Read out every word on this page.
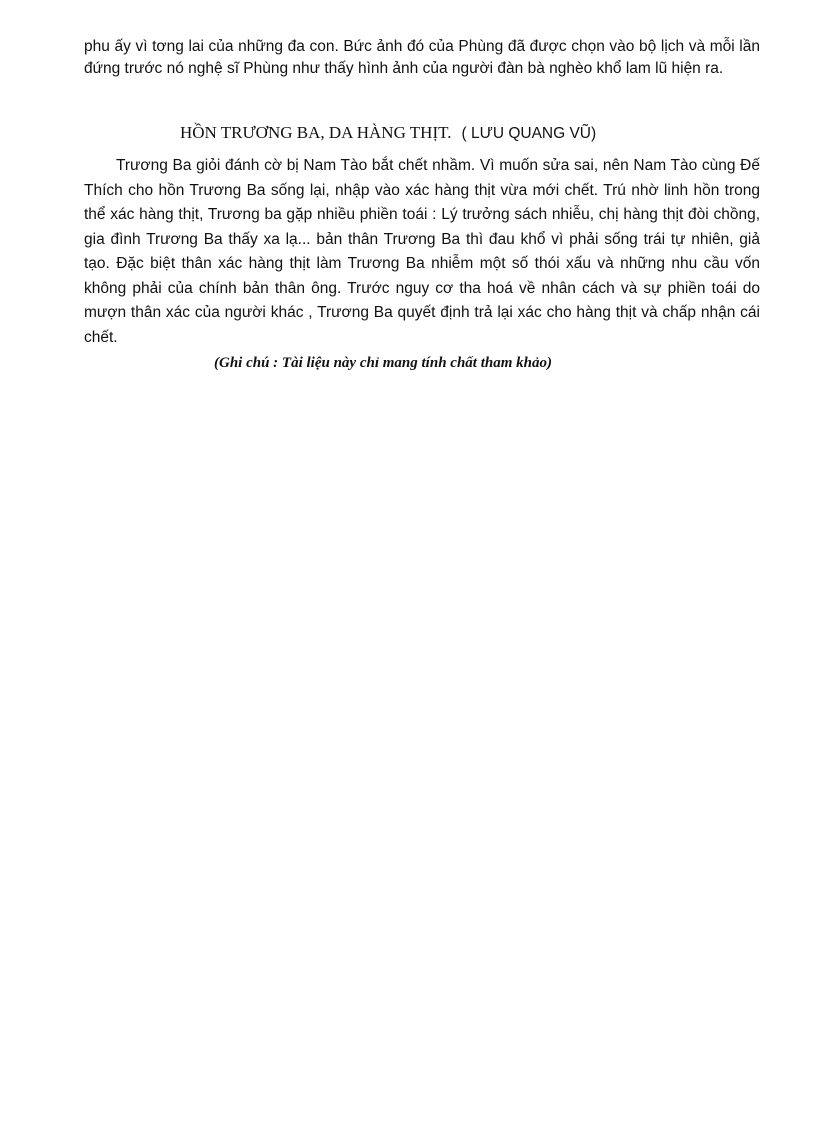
phu ấy vì tơng lai của những đa con. Bức ảnh đó của Phùng đã được chọn vào bộ lịch và mỗi lần đứng trước nó nghệ sĩ Phùng như thấy hình ảnh của người đàn bà nghèo khổ lam lũ hiện ra.

HỒN TRƯƠNG BA, DA HÀNG THỊT. ( LƯU QUANG VŨ)

Trương Ba giỏi đánh cờ bị Nam Tào bắt chết nhầm. Vì muốn sửa sai, nên Nam Tào cùng Đế Thích cho hồn Trương Ba sống lại, nhập vào xác hàng thịt vừa mới chết. Trú nhờ linh hồn trong thể xác hàng thịt, Trương ba gặp nhiều phiền toái : Lý trưởng sách nhiễu, chị hàng thịt đòi chồng, gia đình Trương Ba thấy xa lạ... bản thân Trương Ba thì đau khổ vì phải sống trái tự nhiên, giả tạo. Đặc biệt thân xác hàng thịt làm Trương Ba nhiễm một số thói xấu và những nhu cầu vốn không phải của chính bản thân ông. Trước nguy cơ tha hoá về nhân cách và sự phiền toái do mượn thân xác của người khác , Trương Ba quyết định trả lại xác cho hàng thịt và chấp nhận cái chết.

(Ghi chú : Tài liệu này chỉ mang tính chất tham khảo)
